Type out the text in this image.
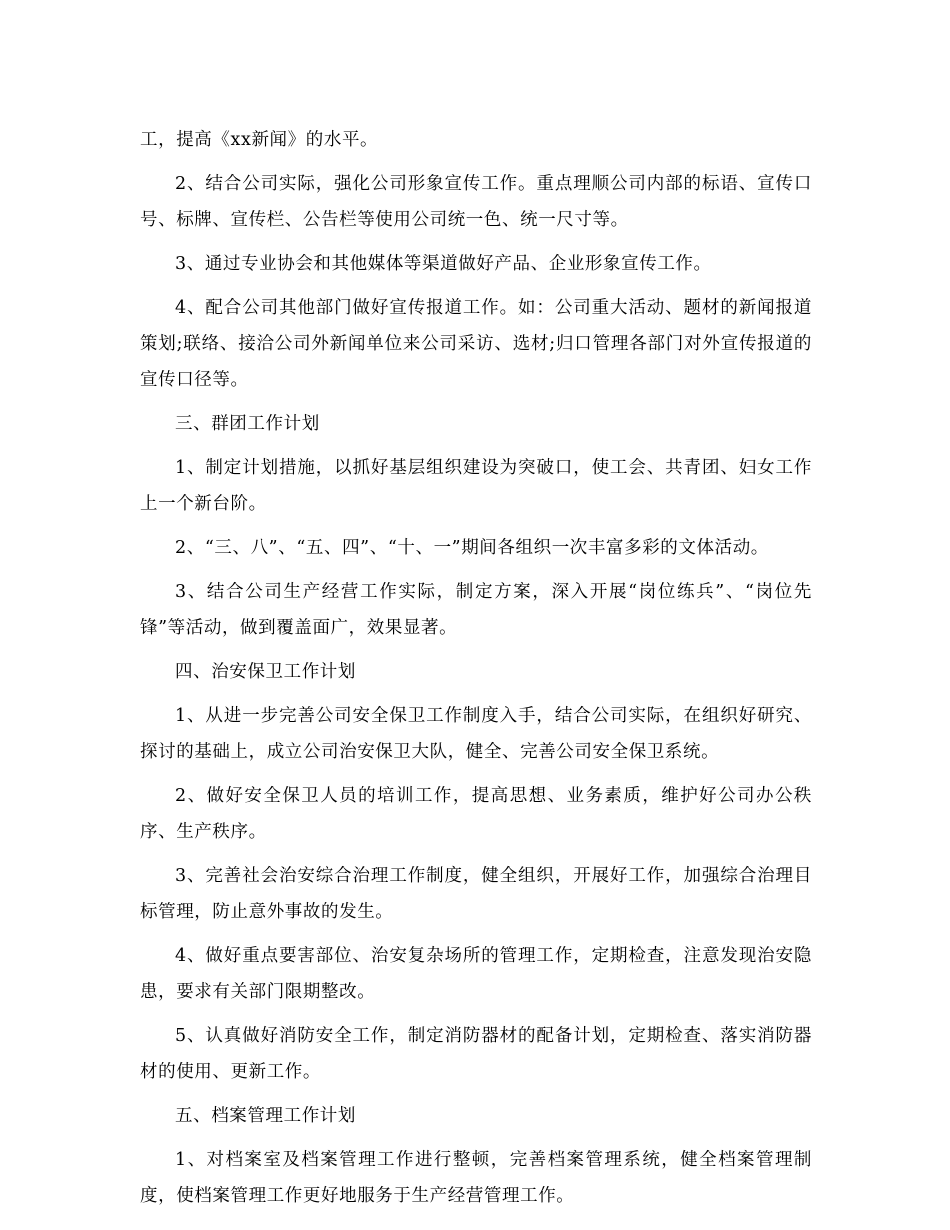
工，提高《xx新闻》的水平。

2、结合公司实际，强化公司形象宣传工作。重点理顺公司内部的标语、宣传口号、标牌、宣传栏、公告栏等使用公司统一色、统一尺寸等。

3、通过专业协会和其他媒体等渠道做好产品、企业形象宣传工作。

4、配合公司其他部门做好宣传报道工作。如：公司重大活动、题材的新闻报道策划;联络、接洽公司外新闻单位来公司采访、选材;归口管理各部门对外宣传报道的宣传口径等。

三、群团工作计划

1、制定计划措施，以抓好基层组织建设为突破口，使工会、共青团、妇女工作上一个新台阶。

2、“三、八”、“五、四”、“十、一”期间各组织一次丰富多彩的文体活动。

3、结合公司生产经营工作实际，制定方案，深入开展“岗位练兵”、“岗位先锋”等活动，做到覆盖面广，效果显著。

四、治安保卫工作计划

1、从进一步完善公司安全保卫工作制度入手，结合公司实际，在组织好研究、探讨的基础上，成立公司治安保卫大队，健全、完善公司安全保卫系统。

2、做好安全保卫人员的培训工作，提高思想、业务素质，维护好公司办公秩序、生产秩序。

3、完善社会治安综合治理工作制度，健全组织，开展好工作，加强综合治理目标管理，防止意外事故的发生。

4、做好重点要害部位、治安复杂场所的管理工作，定期检查，注意发现治安隐患，要求有关部门限期整改。

5、认真做好消防安全工作，制定消防器材的配备计划，定期检查、落实消防器材的使用、更新工作。

五、档案管理工作计划

1、对档案室及档案管理工作进行整顿，完善档案管理系统，健全档案管理制度，使档案管理工作更好地服务于生产经营管理工作。
